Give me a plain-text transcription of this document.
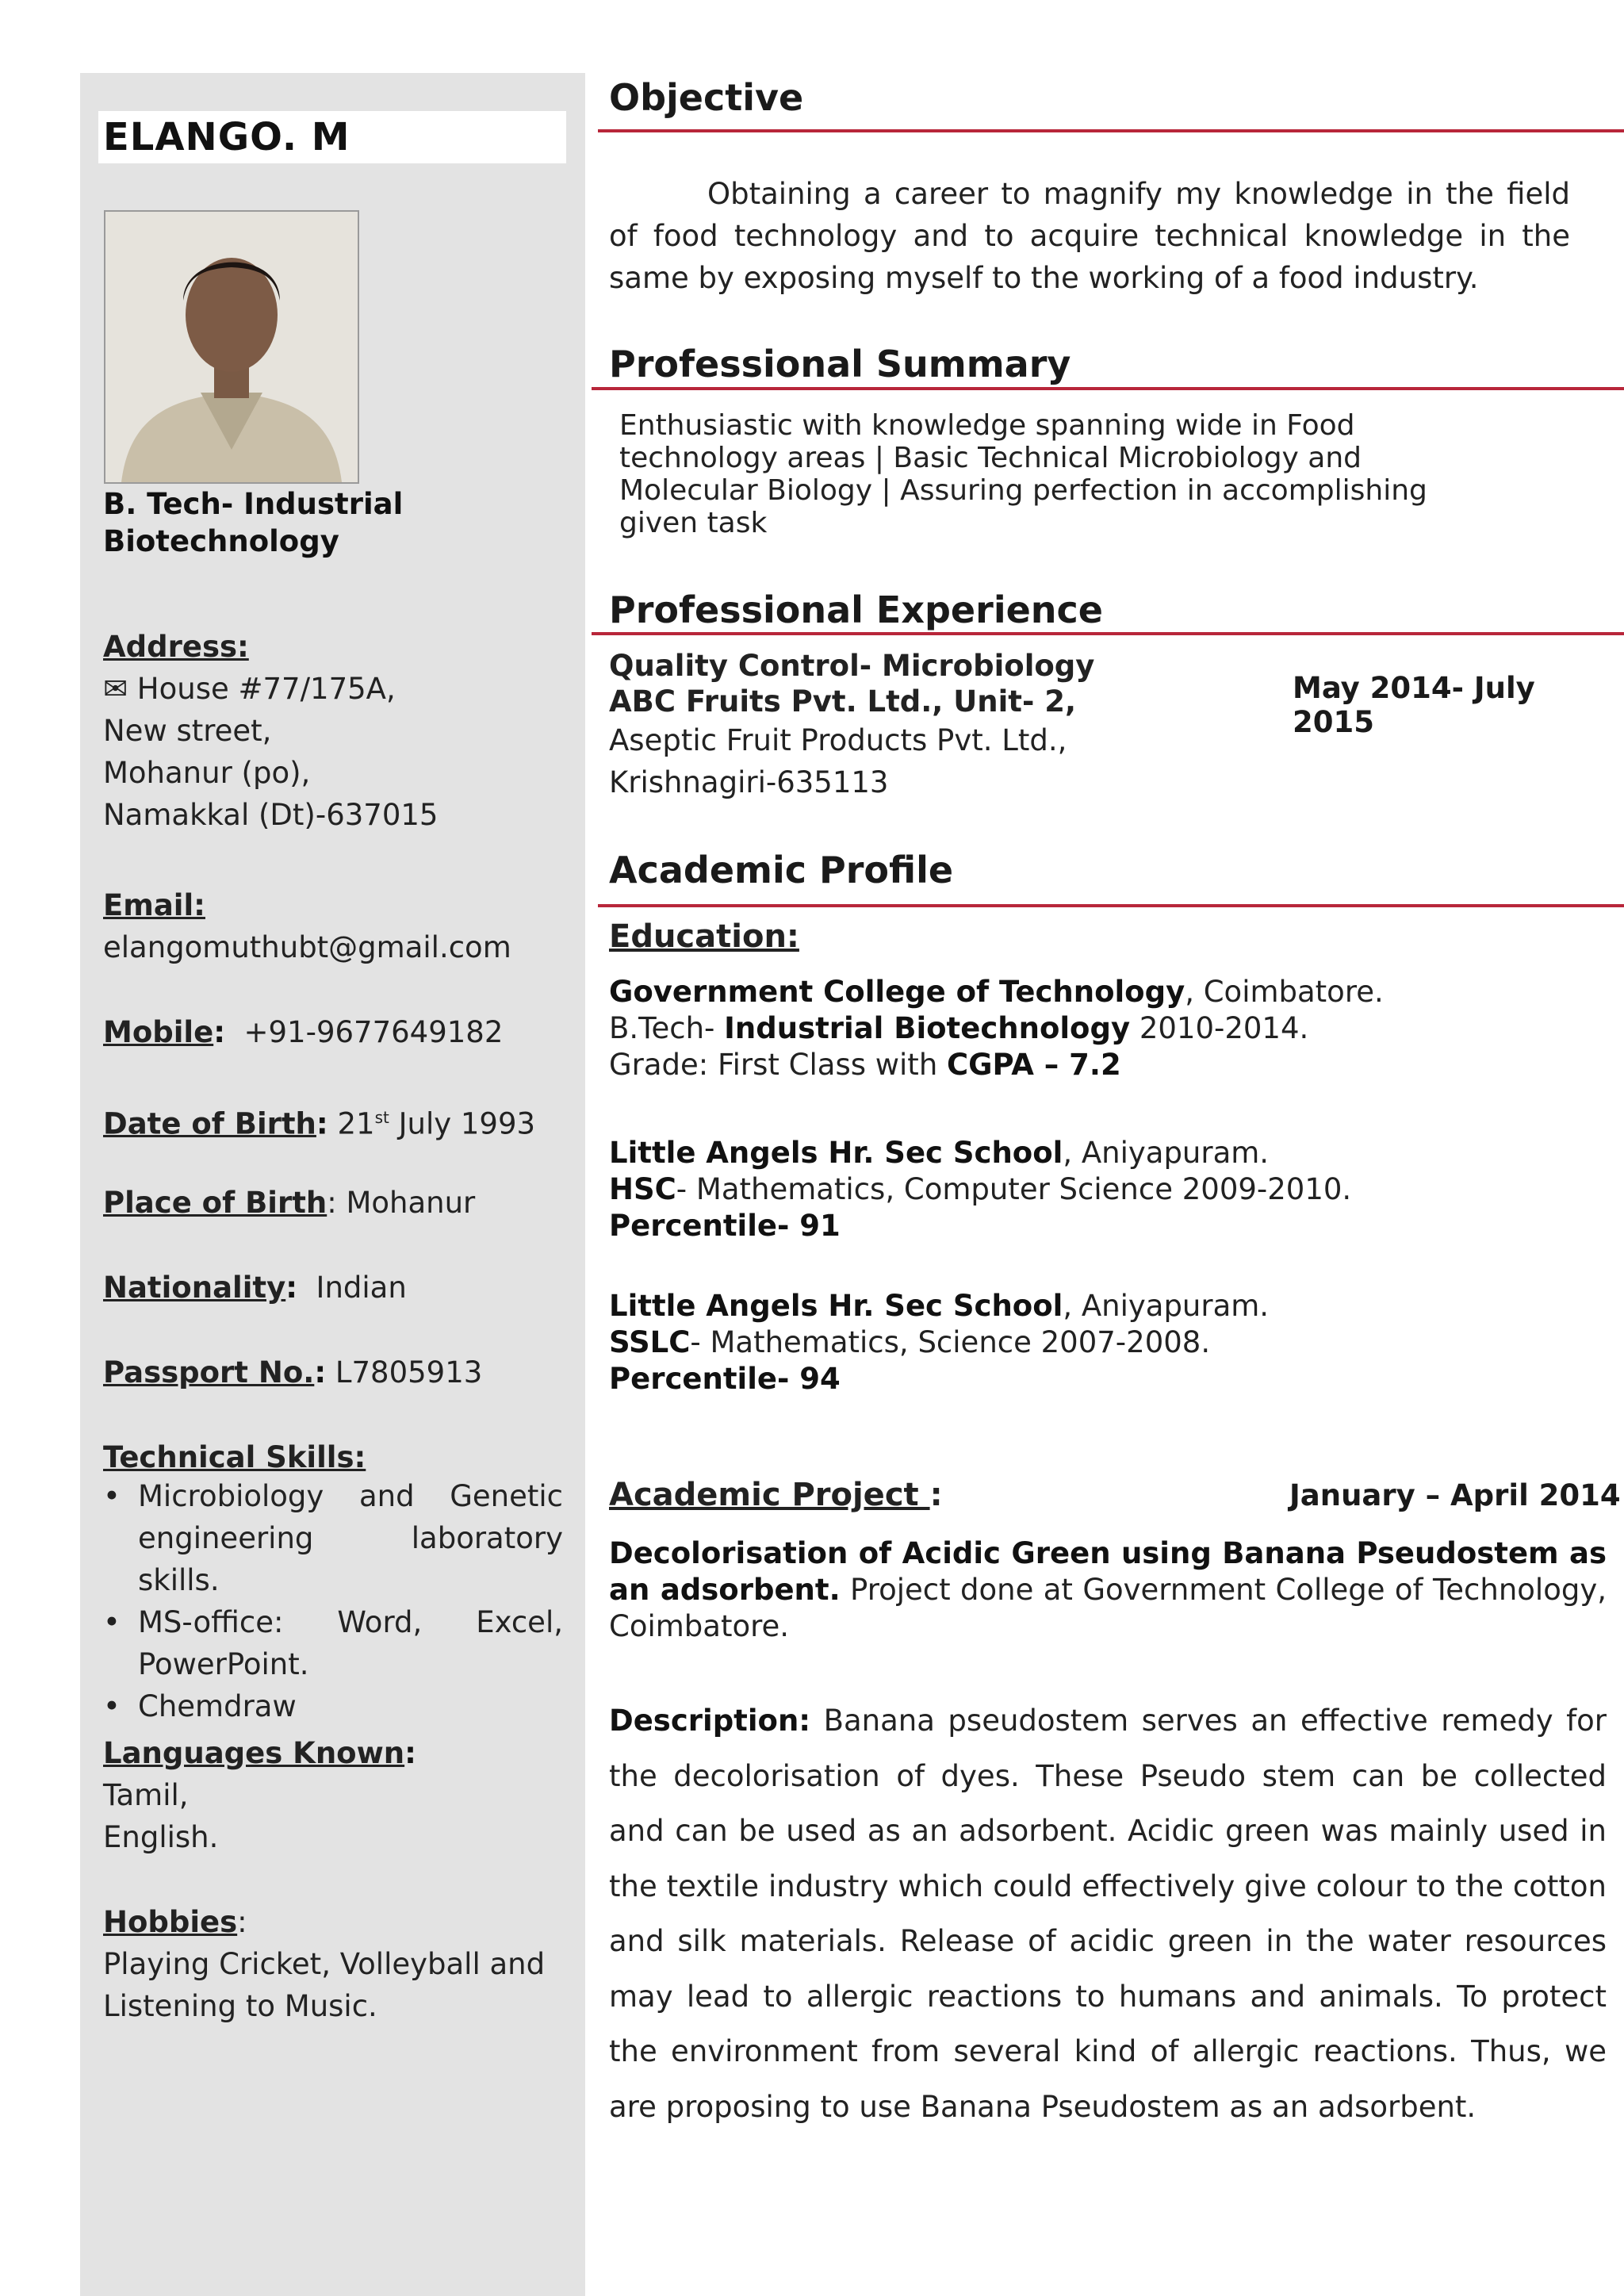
ELANGO. M
B. Tech- Industrial
Biotechnology
Address:
✉ House #77/175A,
New street,
Mohanur (po),
Namakkal (Dt)-637015
Email:
elangomuthubt@gmail.com
Mobile: +91-9677649182
Date of Birth: 21st July 1993
Place of Birth: Mohanur
Nationality: Indian
Passport No.: L7805913
Technical Skills:
• Microbiology and Genetic engineering laboratory skills.
• MS-office: Word, Excel, PowerPoint.
• Chemdraw
Languages Known:
Tamil,
English.
Hobbies:
Playing Cricket, Volleyball and
Listening to Music.
Objective
Obtaining a career to magnify my knowledge in the field of food technology and to acquire technical knowledge in the same by exposing myself to the working of a food industry.
Professional Summary
Enthusiastic with knowledge spanning wide in Food
technology areas | Basic Technical Microbiology and
Molecular Biology | Assuring perfection in accomplishing
given task
Professional Experience
Quality Control- Microbiology
ABC Fruits Pvt. Ltd., Unit- 2,
Aseptic Fruit Products Pvt. Ltd.,
Krishnagiri-635113
May 2014- July 2015
Academic Profile
Education:
Government College of Technology, Coimbatore.
B.Tech- Industrial Biotechnology 2010-2014.
Grade: First Class with CGPA – 7.2
Little Angels Hr. Sec School, Aniyapuram.
HSC- Mathematics, Computer Science 2009-2010.
Percentile- 91
Little Angels Hr. Sec School, Aniyapuram.
SSLC- Mathematics, Science 2007-2008.
Percentile- 94
Academic Project :	January – April 2014
Decolorisation of Acidic Green using Banana Pseudostem as an adsorbent. Project done at Government College of Technology, Coimbatore.
Description: Banana pseudostem serves an effective remedy for the decolorisation of dyes. These Pseudo stem can be collected and can be used as an adsorbent. Acidic green was mainly used in the textile industry which could effectively give colour to the cotton and silk materials. Release of acidic green in the water resources may lead to allergic reactions to humans and animals. To protect the environment from several kind of allergic reactions. Thus, we are proposing to use Banana Pseudostem as an adsorbent.
